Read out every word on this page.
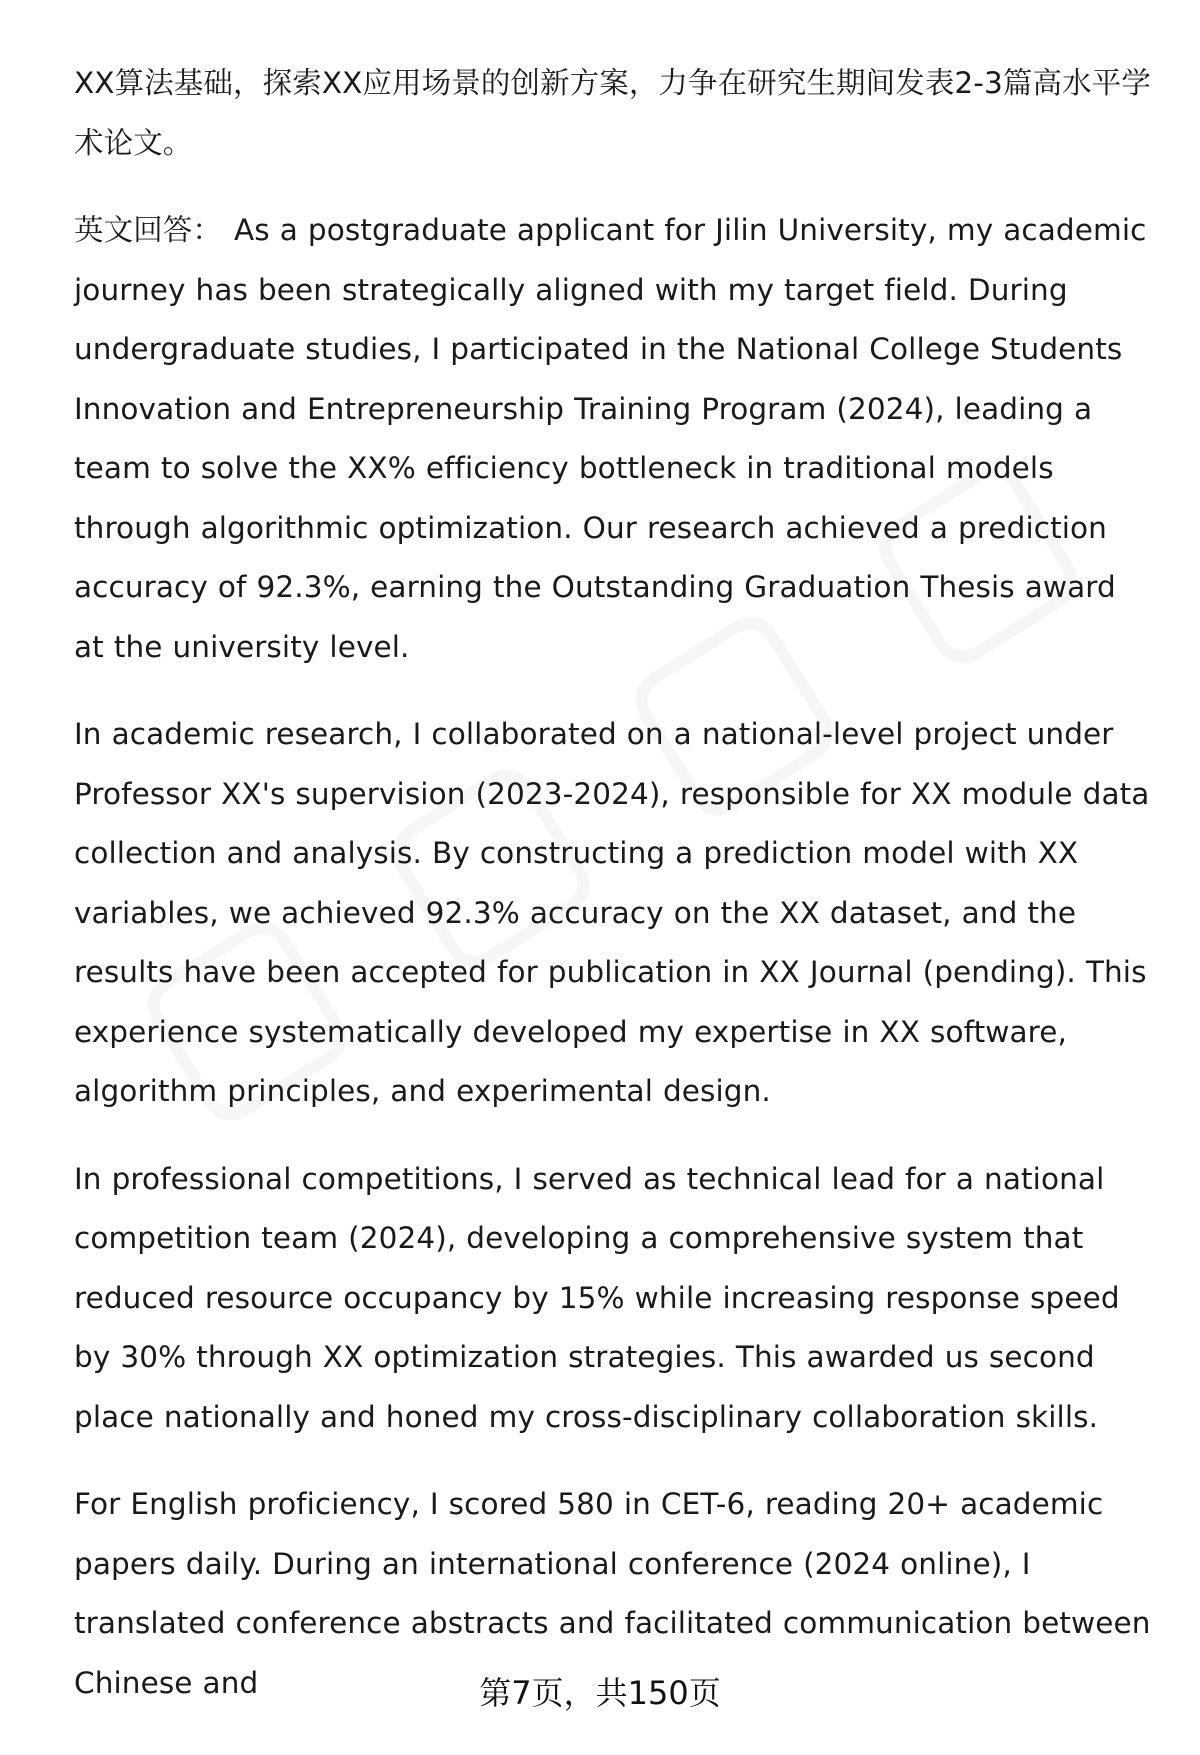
XX算法基础，探索XX应用场景的创新方案，力争在研究生期间发表2-3篇高水平学术论文。

英文回答： As a postgraduate applicant for Jilin University, my academic journey has been strategically aligned with my target field. During undergraduate studies, I participated in the National College Students Innovation and Entrepreneurship Training Program (2024), leading a team to solve the XX% efficiency bottleneck in traditional models through algorithmic optimization. Our research achieved a prediction accuracy of 92.3%, earning the Outstanding Graduation Thesis award at the university level.

In academic research, I collaborated on a national-level project under Professor XX's supervision (2023-2024), responsible for XX module data collection and analysis. By constructing a prediction model with XX variables, we achieved 92.3% accuracy on the XX dataset, and the results have been accepted for publication in XX Journal (pending). This experience systematically developed my expertise in XX software, algorithm principles, and experimental design.

In professional competitions, I served as technical lead for a national competition team (2024), developing a comprehensive system that reduced resource occupancy by 15% while increasing response speed by 30% through XX optimization strategies. This awarded us second place nationally and honed my cross-disciplinary collaboration skills.

For English proficiency, I scored 580 in CET-6, reading 20+ academic papers daily. During an international conference (2024 online), I translated conference abstracts and facilitated communication between Chinese and	第7页，共150页
